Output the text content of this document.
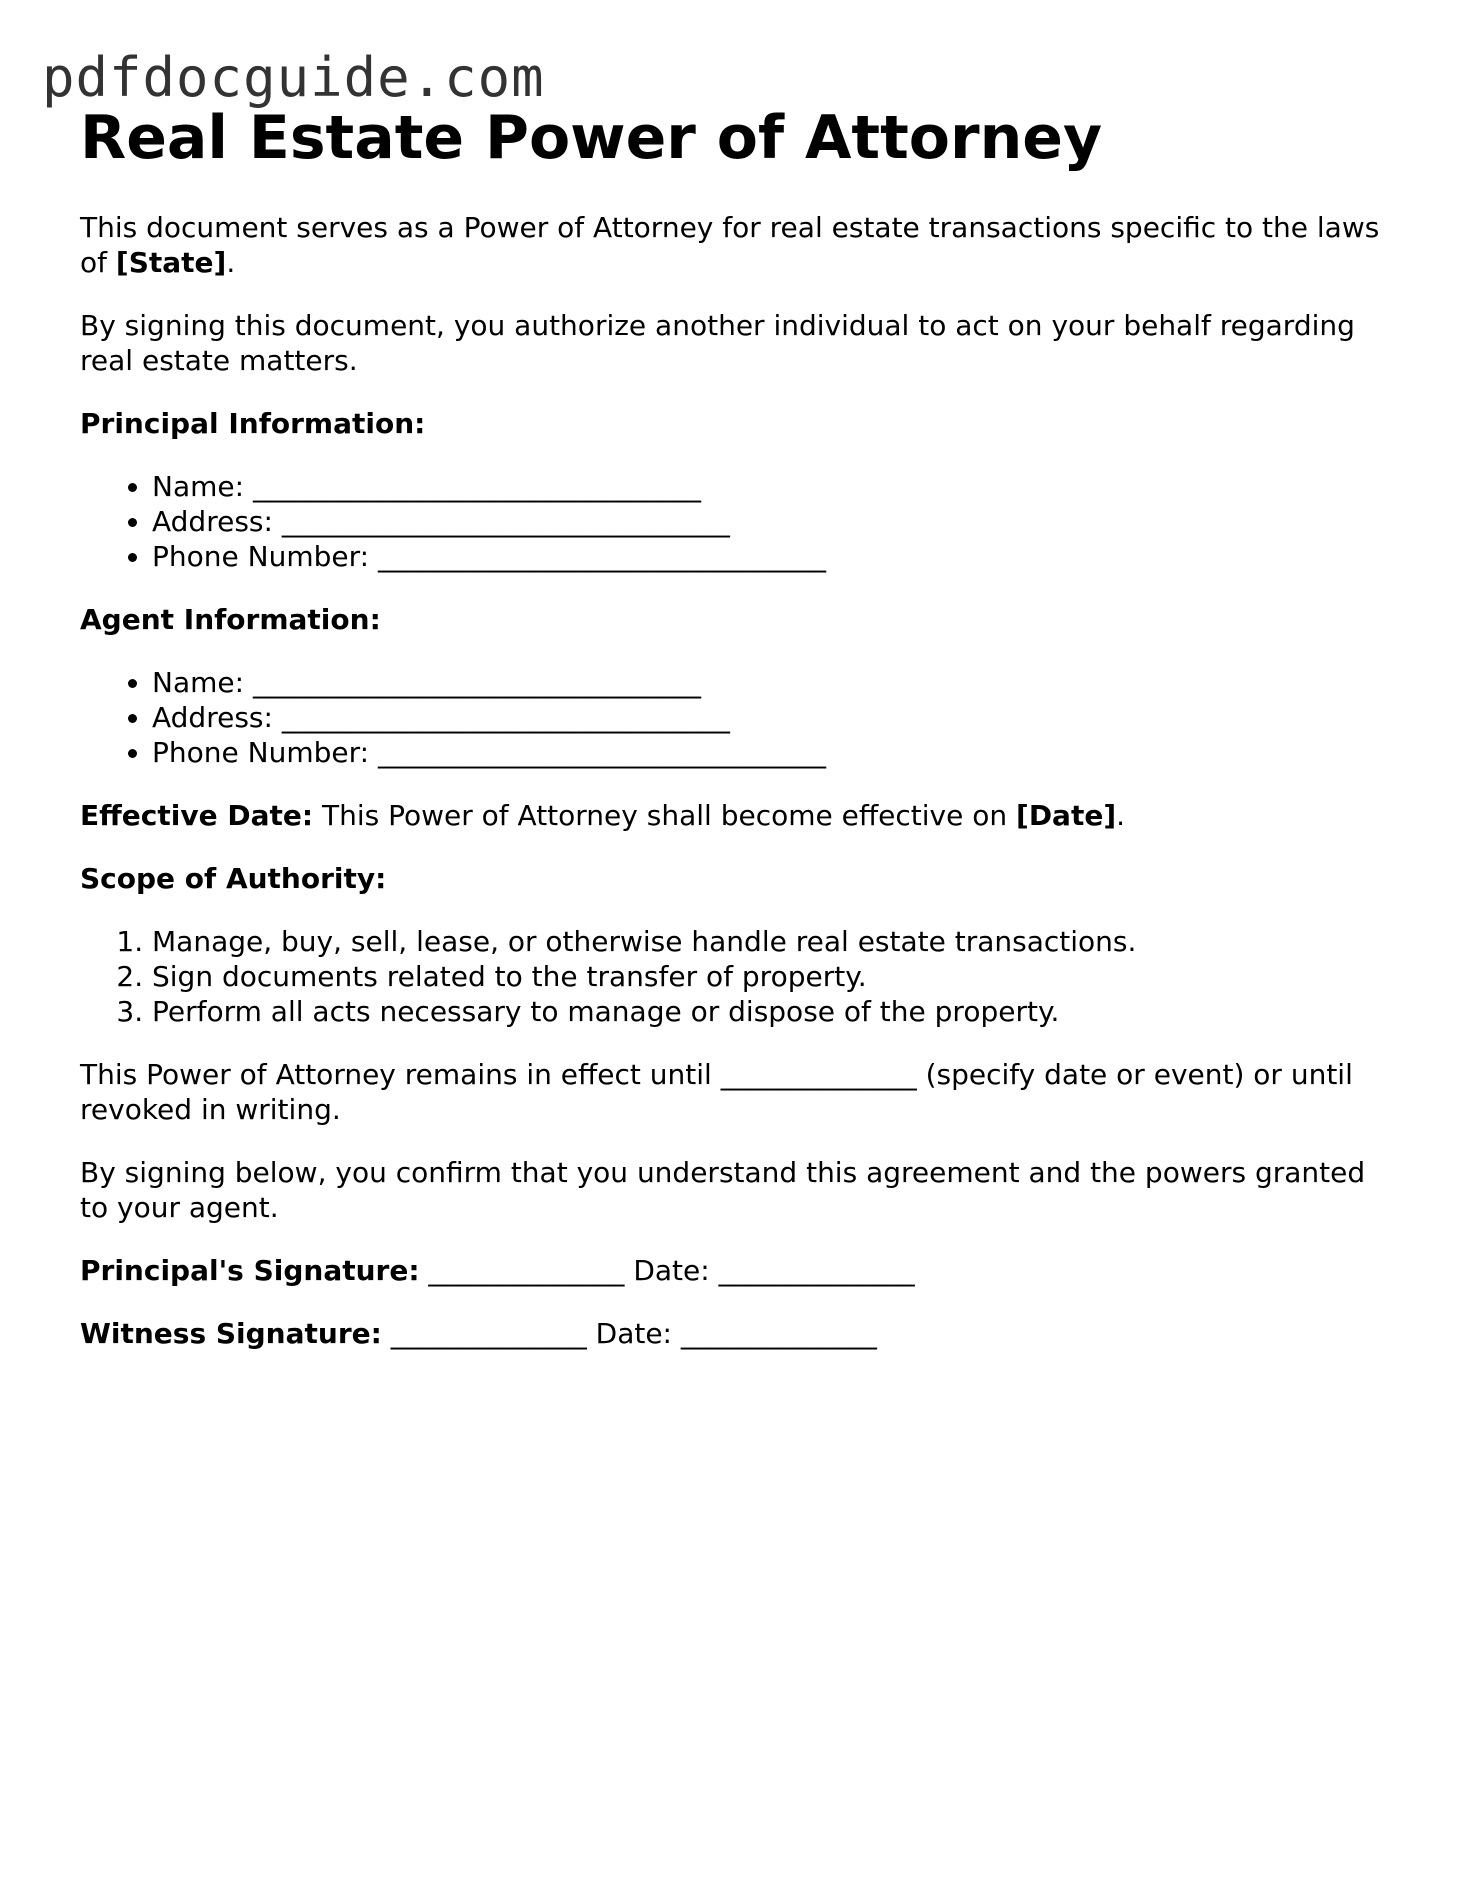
pdfdocguide.com
Real Estate Power of Attorney

This document serves as a Power of Attorney for real estate transactions specific to the laws of [State].

By signing this document, you authorize another individual to act on your behalf regarding real estate matters.

Principal Information:

• Name: ________________________________
• Address: ________________________________
• Phone Number: ________________________________

Agent Information:

• Name: ________________________________
• Address: ________________________________
• Phone Number: ________________________________

Effective Date: This Power of Attorney shall become effective on [Date].

Scope of Authority:

1. Manage, buy, sell, lease, or otherwise handle real estate transactions.
2. Sign documents related to the transfer of property.
3. Perform all acts necessary to manage or dispose of the property.

This Power of Attorney remains in effect until ______________ (specify date or event) or until revoked in writing.

By signing below, you confirm that you understand this agreement and the powers granted to your agent.

Principal's Signature: ______________ Date: ______________

Witness Signature: ______________ Date: ______________
